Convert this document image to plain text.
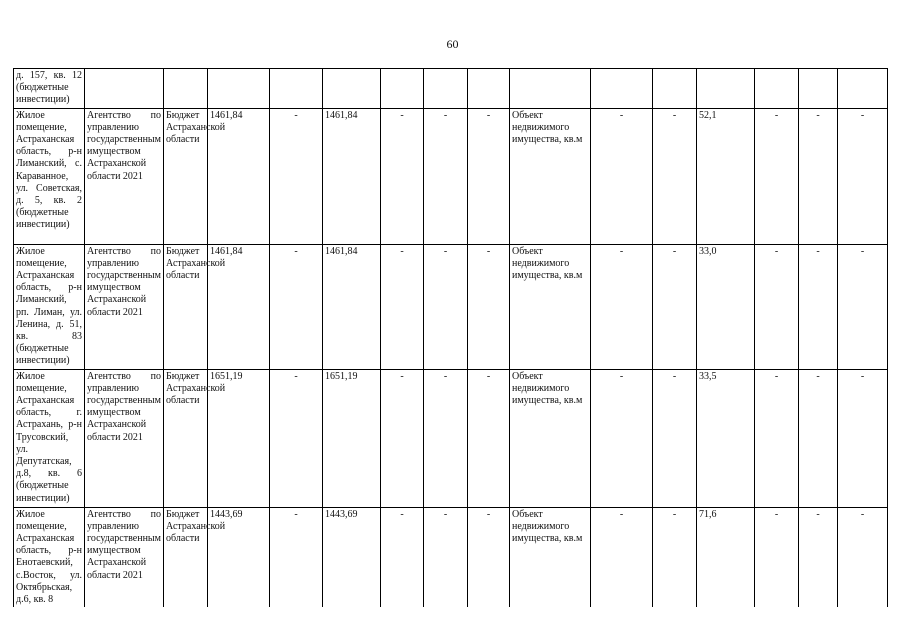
60
д. 157, кв. 12 (бюджетные инвестиции)															
Жилое помещение, Астраханская область, р-н Лиманский, с. Караванное, ул. Советская, д. 5, кв. 2 (бюджетные инвестиции)	Агентство по управлению государственным имуществом Астраханской области 2021	Бюджет Астраханской области	1461,84	-	1461,84	-	-	-	Объект недвижимого имущества, кв.м	-	-	52,1	-	-	-
Жилое помещение, Астраханская область, р-н Лиманский, рп. Лиман, ул. Ленина, д. 51, кв. 83 (бюджетные инвестиции)	Агентство по управлению государственным имуществом Астраханской области 2021	Бюджет Астраханской области	1461,84	-	1461,84	-	-	-	Объект недвижимого имущества, кв.м	-	-	33,0	-	-	-
Жилое помещение, Астраханская область, г. Астрахань, р-н Трусовский, ул. Депутатская, д.8, кв. 6 (бюджетные инвестиции)	Агентство по управлению государственным имуществом Астраханской области 2021	Бюджет Астраханской области	1651,19	-	1651,19	-	-	-	Объект недвижимого имущества, кв.м	-	-	33,5	-	-	-
Жилое помещение, Астраханская область, р-н Енотаевский, с.Восток, ул. Октябрьская, д.6, кв. 8	Агентство по управлению государственным имуществом Астраханской области 2021	Бюджет Астраханской области	1443,69	-	1443,69	-	-	-	Объект недвижимого имущества, кв.м	-	-	71,6	-	-	-
